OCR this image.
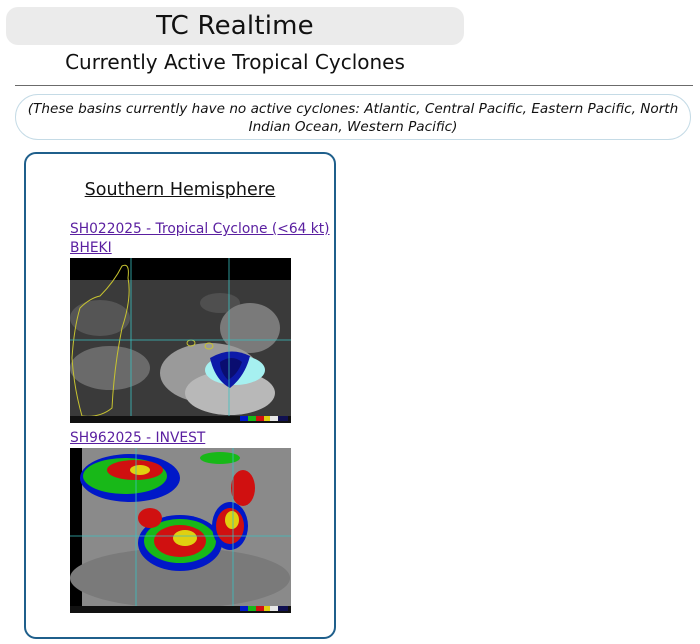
TC Realtime
Currently Active Tropical Cyclones
(These basins currently have no active cyclones: Atlantic, Central Pacific, Eastern Pacific, North Indian Ocean, Western Pacific)
Southern Hemisphere
SH022025 - Tropical Cyclone (<64 kt)
BHEKI
SH962025 - INVEST
